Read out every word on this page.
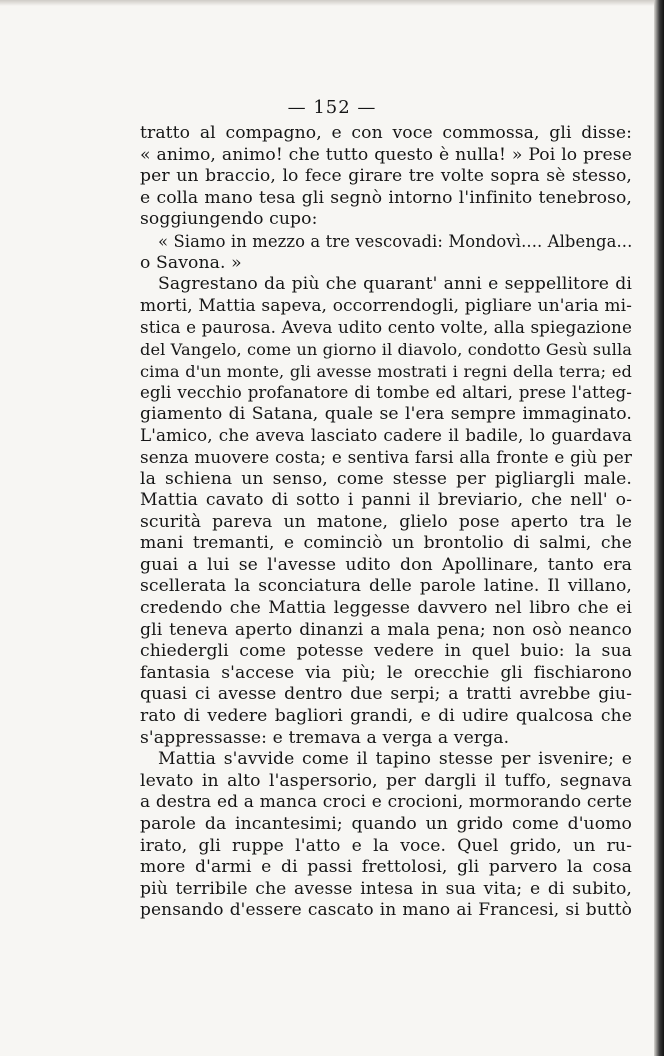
— 152 —
tratto al compagno, e con voce commossa, gli disse:
« animo, animo! che tutto questo è nulla! » Poi lo prese
per un braccio, lo fece girare tre volte sopra sè stesso,
e colla mano tesa gli segnò intorno l'infinito tenebroso,
soggiungendo cupo:
« Siamo in mezzo a tre vescovadi: Mondovì.... Albenga...
o Savona. »
Sagrestano da più che quarant' anni e seppellitore di
morti, Mattia sapeva, occorrendogli, pigliare un'aria mi-
stica e paurosa. Aveva udito cento volte, alla spiegazione
del Vangelo, come un giorno il diavolo, condotto Gesù sulla
cima d'un monte, gli avesse mostrati i regni della terra; ed
egli vecchio profanatore di tombe ed altari, prese l'atteg-
giamento di Satana, quale se l'era sempre immaginato.
L'amico, che aveva lasciato cadere il badile, lo guardava
senza muovere costa; e sentiva farsi alla fronte e giù per
la schiena un senso, come stesse per pigliargli male.
Mattia cavato di sotto i panni il breviario, che nell' o-
scurità pareva un matone, glielo pose aperto tra le
mani tremanti, e cominciò un brontolio di salmi, che
guai a lui se l'avesse udito don Apollinare, tanto era
scellerata la sconciatura delle parole latine. Il villano,
credendo che Mattia leggesse davvero nel libro che ei
gli teneva aperto dinanzi a mala pena; non osò neanco
chiedergli come potesse vedere in quel buio: la sua
fantasia s'accese via più; le orecchie gli fischiarono
quasi ci avesse dentro due serpi; a tratti avrebbe giu-
rato di vedere bagliori grandi, e di udire qualcosa che
s'appressasse: e tremava a verga a verga.
Mattia s'avvide come il tapino stesse per isvenire; e
levato in alto l'aspersorio, per dargli il tuffo, segnava
a destra ed a manca croci e crocioni, mormorando certe
parole da incantesimi; quando un grido come d'uomo
irato, gli ruppe l'atto e la voce. Quel grido, un ru-
more d'armi e di passi frettolosi, gli parvero la cosa
più terribile che avesse intesa in sua vita; e di subito,
pensando d'essere cascato in mano ai Francesi, si buttò
